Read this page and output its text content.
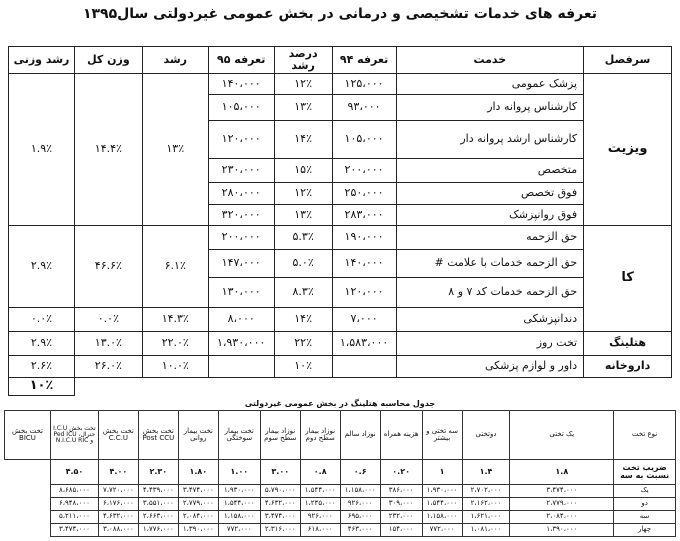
تعرفه های خدمات تشخیصی و درمانی در بخش عمومی غیردولتی سال۱۳۹۵
سرفصل	خدمت	تعرفه ۹۴	درصد رشد	تعرفه ۹۵	رشد	وزن کل	رشد وزنی
ویزیت	پزشک عمومی	۱۲۵،۰۰۰	۱۲٪	۱۴۰،۰۰۰	۱۳٪	۱۴.۴٪	۱.۹٪
	کارشناس پروانه دار	۹۳،۰۰۰	۱۳٪	۱۰۵،۰۰۰			
	کارشناس ارشد پروانه دار	۱۰۵،۰۰۰	۱۴٪	۱۲۰،۰۰۰			
	متخصص	۲۰۰،۰۰۰	۱۵٪	۲۳۰،۰۰۰			
	فوق تخصص	۲۵۰،۰۰۰	۱۲٪	۲۸۰،۰۰۰			
	فوق روانپزشک	۲۸۳،۰۰۰	۱۳٪	۳۲۰،۰۰۰			
کا	حق الزحمه	۱۹۰،۰۰۰	۵.۳٪	۲۰۰،۰۰۰	۶.۱٪	۴۶.۶٪	۲.۹٪
	حق الزحمه خدمات با علامت #	۱۴۰،۰۰۰	۵.۰٪	۱۴۷،۰۰۰			
	حق الزحمه خدمات کد ۷ و ۸	۱۲۰،۰۰۰	۸.۳٪	۱۳۰،۰۰۰			
	دندانپزشکی	۷،۰۰۰	۱۴٪	۸،۰۰۰	۱۴.۳٪	۰.۰٪	۰.۰٪
هتلینگ	تخت روز	۱،۵۸۳،۰۰۰	۲۲٪	۱،۹۳۰،۰۰۰	۲۲.۰٪	۱۳.۰٪	۲.۹٪
داروخانه	داور و لوازم پزشکی		۱۰٪		۱۰.۰٪	۲۶.۰٪	۲.۶٪
							۱۰٪
جدول محاسبه هتلینگ در بخش عمومی غیردولتی													
نوع تخت	یک تختی	دوتختی	سه تختی و بیشتر	هزینه همراه	نوزاد سالم	نوزاد بیمار سطح دوم	نوزاد بیمار سطح سوم	تخت بیمار سوختگی	تخت بیمار روانی	تخت بخش Post CCU	تخت بخش C.C.U	تخت بخش I.C.U جنرال، Ped ICU و N.I.C.U RIC	تخت بخش BICU
ضریب تخت نسبت به سه	۱.۸	۱.۴	۱	۰.۲۰	۰.۶	۰.۸	۳.۰۰	۱.۰۰	۱.۸۰	۲.۳۰	۴.۰۰	۴.۵۰	
یک	۳،۴۷۴،۰۰۰	۲،۷۰۲،۰۰۰	۱،۹۳۰،۰۰۰	۳۸۶،۰۰۰	۱،۱۵۸،۰۰۰	۱،۵۴۴،۰۰۰	۵،۷۹۰،۰۰۰	۱،۹۳۰،۰۰۰	۳،۴۷۴،۰۰۰	۴،۴۳۹،۰۰۰	۷،۷۲۰،۰۰۰	۸،۶۸۵،۰۰۰	
دو	۲،۷۷۹،۰۰۰	۲،۱۶۲،۰۰۰	۱،۵۴۴،۰۰۰	۳۰۹،۰۰۰	۹۲۶،۰۰۰	۱،۲۳۵،۰۰۰	۴،۶۳۲،۰۰۰	۱،۵۴۴،۰۰۰	۲،۷۷۹،۰۰۰	۳،۵۵۱،۰۰۰	۶،۱۷۶،۰۰۰	۶،۹۴۸،۰۰۰	
سه	۲،۰۸۴،۰۰۰	۱،۶۲۱،۰۰۰	۱،۱۵۸،۰۰۰	۲۳۲،۰۰۰	۶۹۵،۰۰۰	۹۲۶،۰۰۰	۳،۴۷۴،۰۰۰	۱،۱۵۸،۰۰۰	۲،۰۸۴،۰۰۰	۲،۶۶۳،۰۰۰	۴،۶۳۲،۰۰۰	۵،۲۱۱،۰۰۰	
چهار	۱،۳۹۰،۰۰۰	۱،۰۸۱،۰۰۰	۷۷۲،۰۰۰	۱۵۴،۰۰۰	۴۶۳،۰۰۰	۶۱۸،۰۰۰	۲،۳۱۶،۰۰۰	۷۷۲،۰۰۰	۱،۳۹۰،۰۰۰	۱،۷۷۶،۰۰۰	۳،۰۸۸،۰۰۰	۳،۴۷۴،۰۰۰	
